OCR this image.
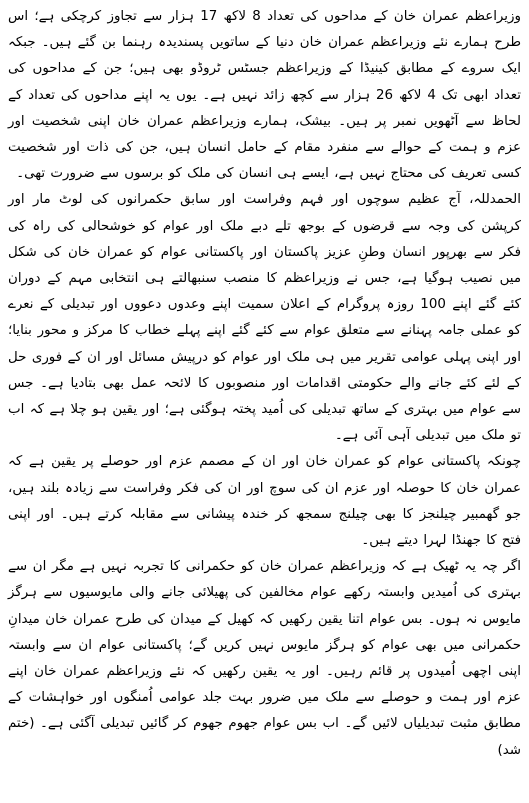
وزیراعظم عمران خان کے مداحوں کی تعداد 8 لاکھ 17 ہزار سے تجاوز کرچکی ہے؛ اس طرح ہمارے نئے وزیراعظم عمران خان دنیا کے ساتویں پسندیدہ رہنما بن گئے ہیں۔ جبکہ ایک سروے کے مطابق کینیڈا کے وزیراعظم جسٹس ٹروڈو بھی ہیں؛ جن کے مداحوں کی تعداد ابھی تک 4 لاکھ 26 ہزار سے کچھ زائد نہیں ہے۔ یوں یہ اپنے مداحوں کی تعداد کے لحاظ سے آٹھویں نمبر پر ہیں۔ بیشک، ہمارے وزیراعظم عمران خان اپنی شخصیت اور عزم و ہمت کے حوالے سے منفرد مقام کے حامل انسان ہیں، جن کی ذات اور شخصیت کسی تعریف کی محتاج نہیں ہے، ایسے ہی انسان کی ملک کو برسوں سے ضرورت تھی۔

الحمدللہ، آج عظیم سوچوں اور فہم وفراست اور سابق حکمرانوں کی لوٹ مار اور کرپشن کی وجہ سے قرضوں کے بوجھ تلے دبے ملک اور عوام کو خوشحالی کی راہ کی فکر سے بھرپور انسان وطنِ عزیز پاکستان اور پاکستانی عوام کو عمران خان کی شکل میں نصیب ہوگیا ہے، جس نے وزیراعظم کا منصب سنبھالتے ہی انتخابی مہم کے دوران کئے گئے اپنے 100 روزہ پروگرام کے اعلان سمیت اپنے وعدوں دعووں اور تبدیلی کے نعرے کو عملی جامہ پہنانے سے متعلق عوام سے کئے گئے اپنے پہلے خطاب کا مرکز و محور بنایا؛ اور اپنی پہلی عوامی تقریر میں ہی ملک اور عوام کو درپیش مسائل اور ان کے فوری حل کے لئے کئے جانے والے حکومتی اقدامات اور منصوبوں کا لائحہ عمل بھی بتادیا ہے۔ جس سے عوام میں بہتری کے ساتھ تبدیلی کی اُمید پختہ ہوگئی ہے؛ اور یقین ہو چلا ہے کہ اب تو ملک میں تبدیلی آہی آئی ہے۔

چونکہ پاکستانی عوام کو عمران خان اور ان کے مصمم عزم اور حوصلے پر یقین ہے کہ عمران خان کا حوصلہ اور عزم ان کی سوچ اور ان کی فکر وفراست سے زیادہ بلند ہیں، جو گھمبیر چیلنجز کا بھی چیلنج سمجھ کر خندہ پیشانی سے مقابلہ کرتے ہیں۔ اور اپنی فتح کا جھنڈا لہرا دیتے ہیں۔

اگر چہ یہ ٹھیک ہے کہ وزیراعظم عمران خان کو حکمرانی کا تجربہ نہیں ہے مگر ان سے بہتری کی اُمیدیں وابستہ رکھے عوام مخالفین کی پھیلائی جانے والی مایوسیوں سے ہرگز مایوس نہ ہوں۔ بس عوام اتنا یقین رکھیں کہ کھیل کے میدان کی طرح عمران خان میدانِ حکمرانی میں بھی عوام کو ہرگز مایوس نہیں کریں گے؛ پاکستانی عوام ان سے وابستہ اپنی اچھی اُمیدوں پر قائم رہیں۔ اور یہ یقین رکھیں کہ نئے وزیراعظم عمران خان اپنے عزم اور ہمت و حوصلے سے ملک میں ضرور بہت جلد عوامی اُمنگوں اور خواہشات کے مطابق مثبت تبدیلیاں لائیں گے۔ اب بس عوام جھوم جھوم کر گائیں تبدیلی آگئی ہے۔ (ختم شد)
